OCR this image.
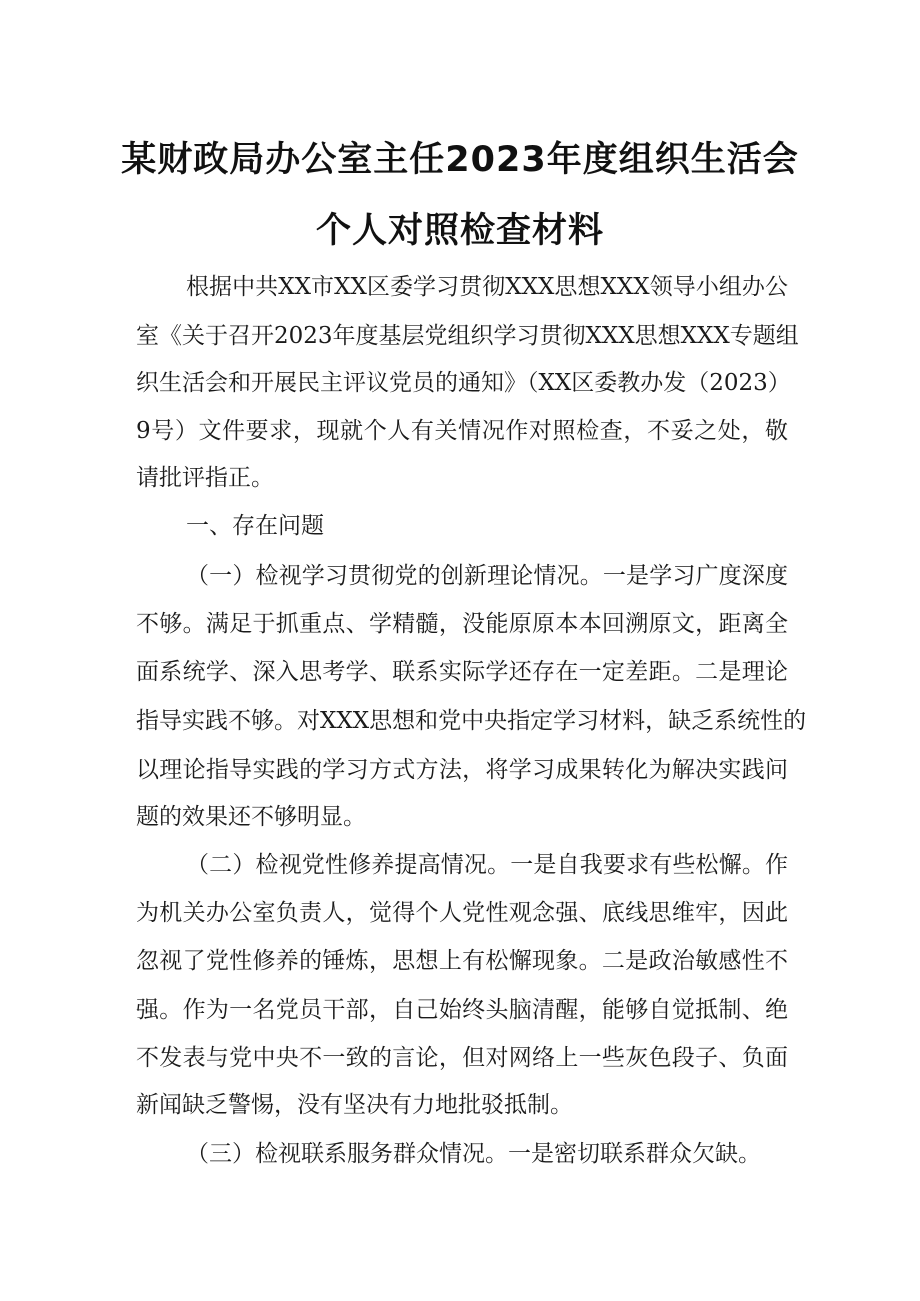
某财政局办公室主任2023年度组织生活会
个人对照检查材料
根据中共XX市XX区委学习贯彻XXX思想XXX领导小组办公
室《关于召开2023年度基层党组织学习贯彻XXX思想XXX专题组
织生活会和开展民主评议党员的通知》（XX区委教办发（2023）
9号）文件要求，现就个人有关情况作对照检查，不妥之处，敬
请批评指正。
一、存在问题
（一）检视学习贯彻党的创新理论情况。一是学习广度深度
不够。满足于抓重点、学精髓，没能原原本本回溯原文，距离全
面系统学、深入思考学、联系实际学还存在一定差距。二是理论
指导实践不够。对XXX思想和党中央指定学习材料，缺乏系统性的
以理论指导实践的学习方式方法，将学习成果转化为解决实践问
题的效果还不够明显。
（二）检视党性修养提高情况。一是自我要求有些松懈。作
为机关办公室负责人，觉得个人党性观念强、底线思维牢，因此
忽视了党性修养的锤炼，思想上有松懈现象。二是政治敏感性不
强。作为一名党员干部，自己始终头脑清醒，能够自觉抵制、绝
不发表与党中央不一致的言论，但对网络上一些灰色段子、负面
新闻缺乏警惕，没有坚决有力地批驳抵制。
（三）检视联系服务群众情况。一是密切联系群众欠缺。
